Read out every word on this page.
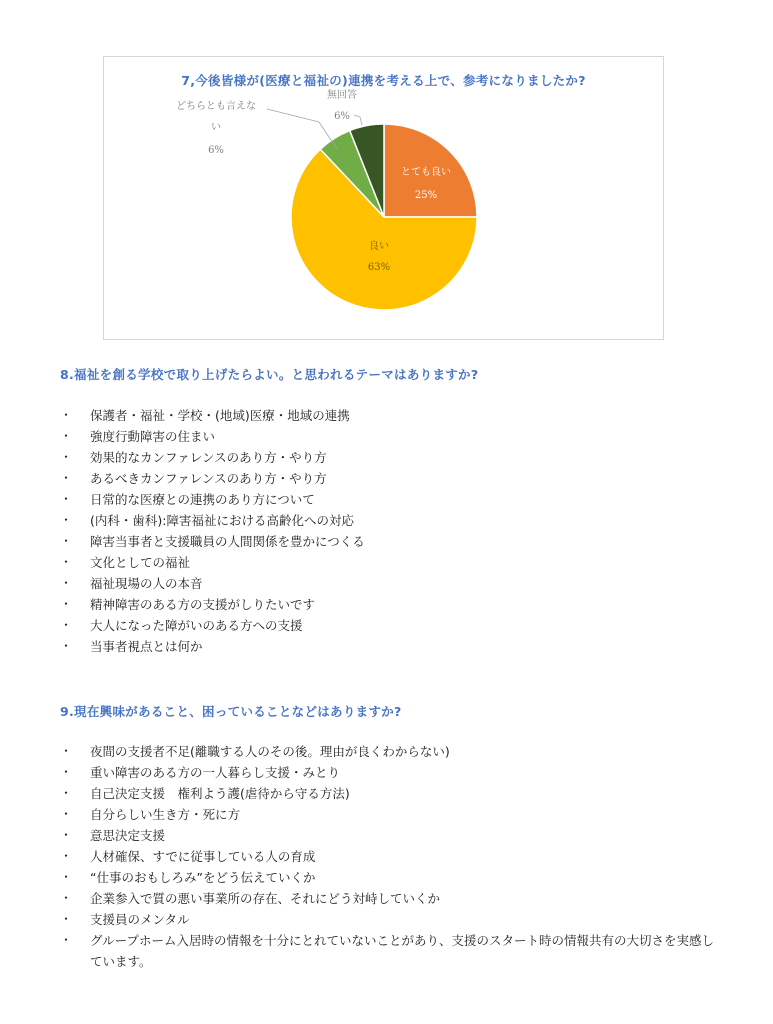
7,今後皆様が(医療と福祉の)連携を考える上で、参考になりましたか?
とても良い
25%
良い
63%
どちらとも言えな
い
6%
無回答
6%
8.福祉を創る学校で取り上げたらよい。と思われるテーマはありますか?
・ 保護者・福祉・学校・(地域)医療・地域の連携
・ 強度行動障害の住まい
・ 効果的なカンファレンスのあり方・やり方
・ あるべきカンファレンスのあり方・やり方
・ 日常的な医療との連携のあり方について
・ (内科・歯科):障害福祉における高齢化への対応
・ 障害当事者と支援職員の人間関係を豊かにつくる
・ 文化としての福祉
・ 福祉現場の人の本音
・ 精神障害のある方の支援がしりたいです
・ 大人になった障がいのある方への支援
・ 当事者視点とは何か
9.現在興味があること、困っていることなどはありますか?
・ 夜間の支援者不足(離職する人のその後。理由が良くわからない)
・ 重い障害のある方の一人暮らし支援・みとり
・ 自己決定支援　権利よう護(虐待から守る方法)
・ 自分らしい生き方・死に方
・ 意思決定支援
・ 人材確保、すでに従事している人の育成
・ “仕事のおもしろみ”をどう伝えていくか
・ 企業参入で質の悪い事業所の存在、それにどう対峙していくか
・ 支援員のメンタル
・ グループホーム入居時の情報を十分にとれていないことがあり、支援のスタート時の情報共有の大切さを実感しています。
